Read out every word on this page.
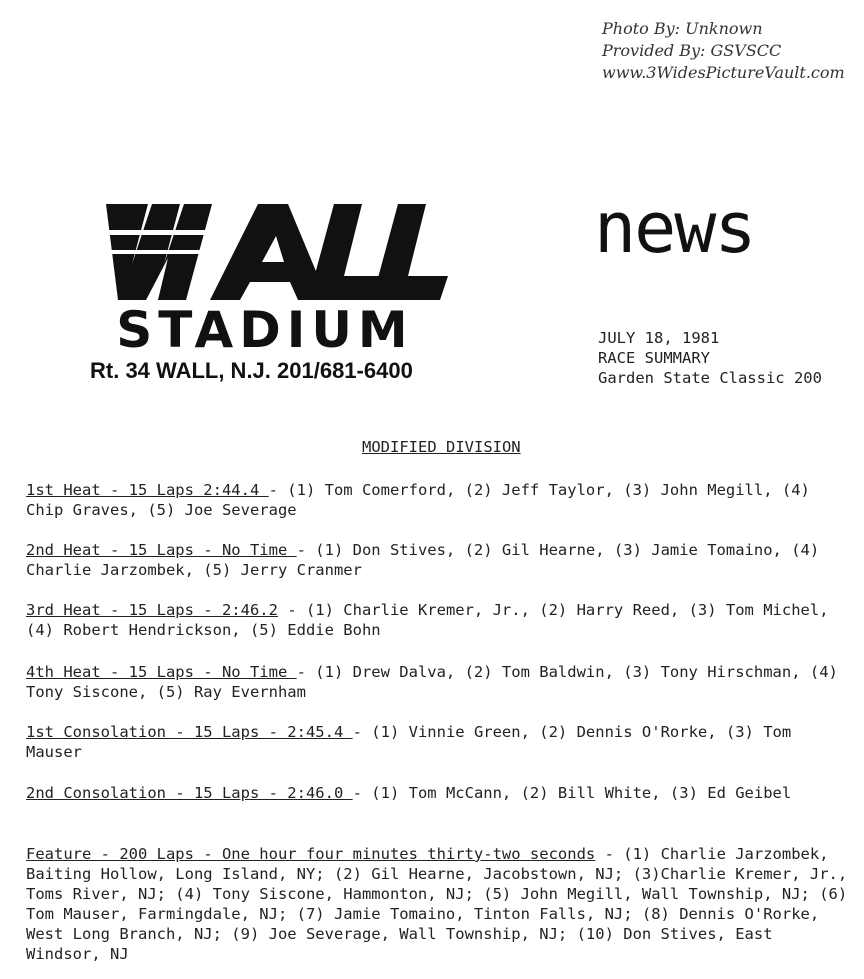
Photo By: Unknown
Provided By: GSVSCC
www.3WidesPictureVault.com
STADIUM
Rt. 34 WALL, N.J. 201/681-6400
news
JULY 18, 1981
RACE SUMMARY
Garden State Classic 200
MODIFIED DIVISION
1st Heat - 15 Laps 2:44.4 - (1) Tom Comerford, (2) Jeff Taylor, (3) John Megill, (4) Chip Graves, (5) Joe Severage
2nd Heat - 15 Laps - No Time - (1) Don Stives, (2) Gil Hearne, (3) Jamie Tomaino, (4) Charlie Jarzombek, (5) Jerry Cranmer
3rd Heat - 15 Laps - 2:46.2 - (1) Charlie Kremer, Jr., (2) Harry Reed, (3) Tom Michel, (4) Robert Hendrickson, (5) Eddie Bohn
4th Heat - 15 Laps - No Time - (1) Drew Dalva, (2) Tom Baldwin, (3) Tony Hirschman, (4) Tony Siscone, (5) Ray Evernham
1st Consolation - 15 Laps - 2:45.4 - (1) Vinnie Green, (2) Dennis O'Rorke, (3) Tom Mauser
2nd Consolation - 15 Laps - 2:46.0 - (1) Tom McCann, (2) Bill White, (3) Ed Geibel
Feature - 200 Laps - One hour four minutes thirty-two seconds - (1) Charlie Jarzombek, Baiting Hollow, Long Island, NY; (2) Gil Hearne, Jacobstown, NJ; (3)Charlie Kremer, Jr., Toms River, NJ; (4) Tony Siscone, Hammonton, NJ; (5) John Megill, Wall Township, NJ; (6) Tom Mauser, Farmingdale, NJ; (7) Jamie Tomaino, Tinton Falls, NJ; (8) Dennis O'Rorke, West Long Branch, NJ; (9) Joe Severage, Wall Township, NJ; (10) Don Stives, East Windsor, NJ
